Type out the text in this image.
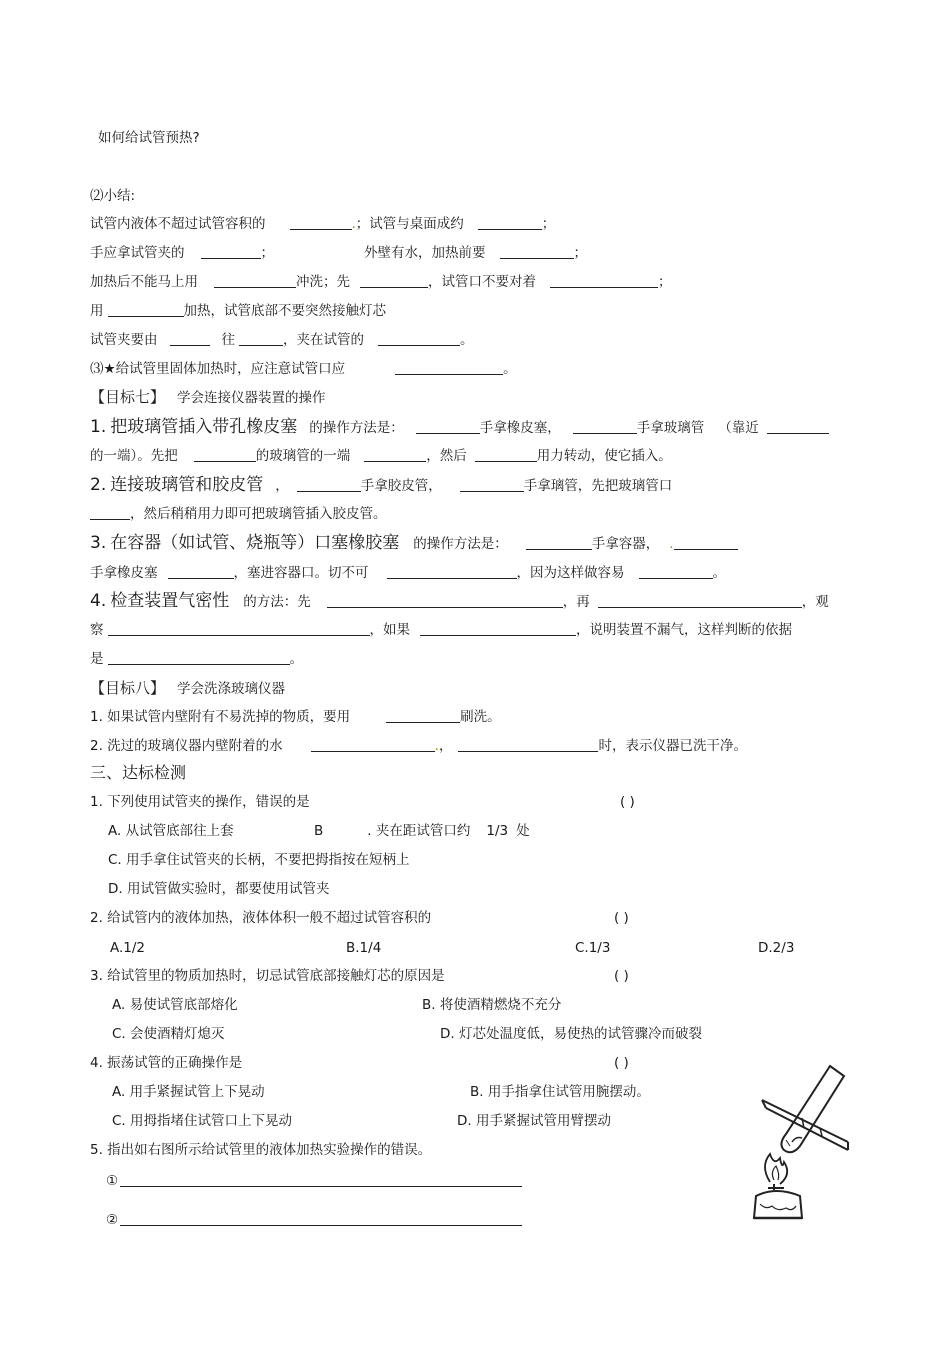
如何给试管预热?
⑵小结:
试管内液体不超过试管容积的	.；试管与桌面成约	；
手应拿试管夹的	；	外壁有水，加热前要	；
加热后不能马上用	冲洗；先	，试管口不要对着	；
用	加热，试管底部不要突然接触灯芯
试管夹要由	往	，夹在试管的	。
⑶★给试管里固体加热时，应注意试管口应	。
【目标七】 学会连接仪器装置的操作
1. 把玻璃管插入带孔橡皮塞 的操作方法是：	手拿橡皮塞，	手拿玻璃管 （靠近
的一端）。先把	的玻璃管的一端	，然后	用力转动，使它插入。
2. 连接玻璃管和胶皮管 ，	手拿胶皮管，	手拿璃管，先把玻璃管口
，然后稍稍用力即可把玻璃管插入胶皮管。
3. 在容器（如试管、烧瓶等）口塞橡胶塞 的操作方法是：	手拿容器， .
手拿橡皮塞	，塞进容器口。切不可	，因为这样做容易	。
4. 检查装置气密性 的方法：先	，再	，观
察	，如果	，说明装置不漏气，这样判断的依据
是	。
【目标八】 学会洗涤玻璃仪器
1. 如果试管内壁附有不易洗掉的物质，要用	刷洗。
2. 洗过的玻璃仪器内壁附着的水	.，	时，表示仪器已洗干净。
三、达标检测
1. 下列使用试管夹的操作，错误的是	( )
A. 从试管底部往上套	B	. 夹在距试管口约 1/3 处
C. 用手拿住试管夹的长柄，不要把拇指按在短柄上
D. 用试管做实验时，都要使用试管夹
2. 给试管内的液体加热，液体体积一般不超过试管容积的	( )
A.1/2	B.1/4	C.1/3	D.2/3
3. 给试管里的物质加热时，切忌试管底部接触灯芯的原因是	( )
A. 易使试管底部熔化	B. 将使酒精燃烧不充分
C. 会使酒精灯熄灭	D. 灯芯处温度低，易使热的试管骤冷而破裂
4. 振荡试管的正确操作是	( )
A. 用手紧握试管上下晃动	B. 用手指拿住试管用腕摆动。
C. 用拇指堵住试管口上下晃动	D. 用手紧握试管用臂摆动
5. 指出如右图所示给试管里的液体加热实验操作的错误。
①
②
